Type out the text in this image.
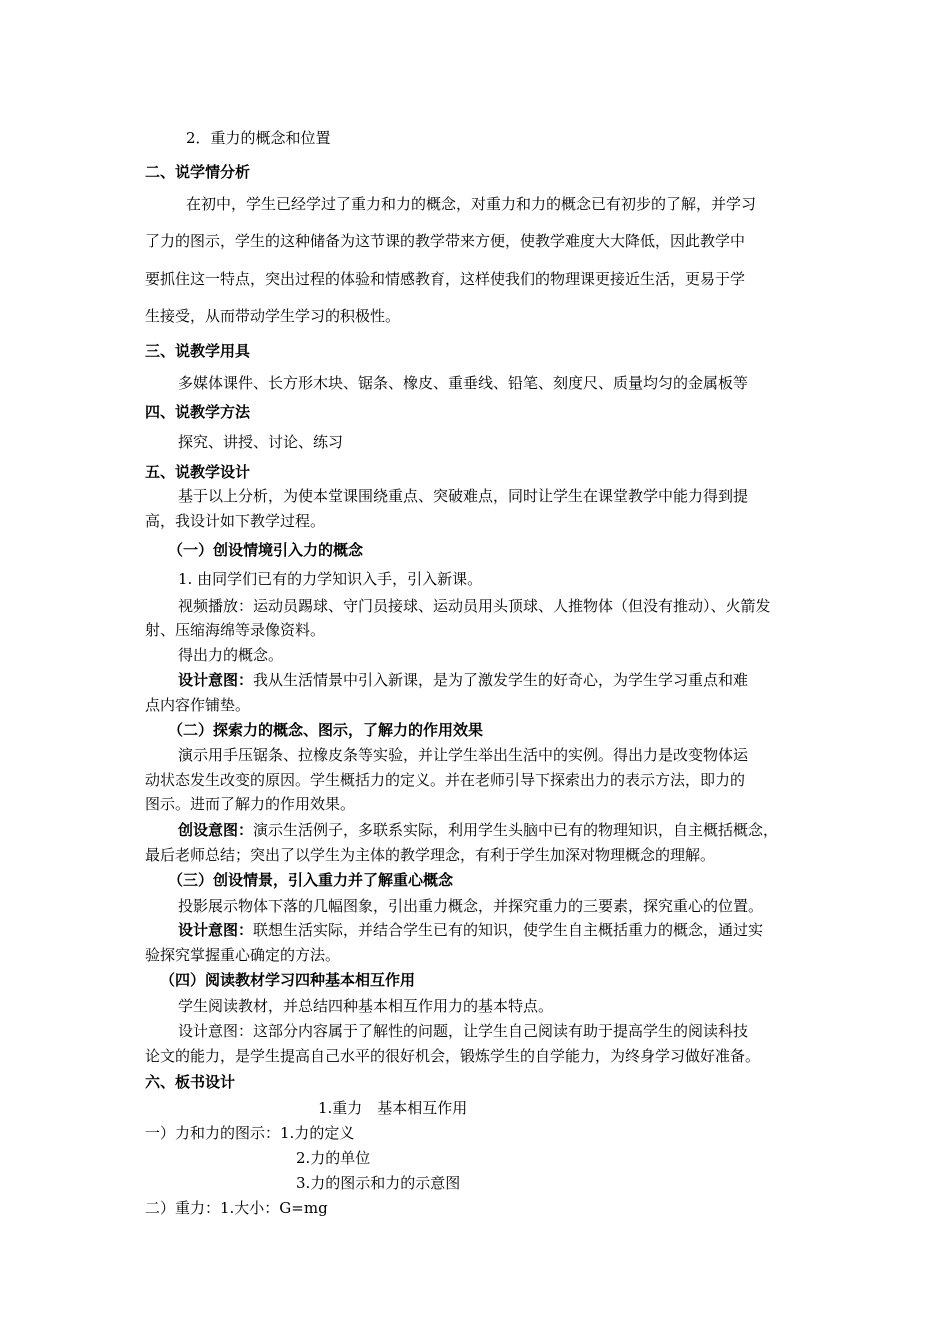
2．重力的概念和位置
二、说学情分析
在初中，学生已经学过了重力和力的概念，对重力和力的概念已有初步的了解，并学习
了力的图示，学生的这种储备为这节课的教学带来方便，使教学难度大大降低，因此教学中
要抓住这一特点，突出过程的体验和情感教育，这样使我们的物理课更接近生活，更易于学
生接受，从而带动学生学习的积极性。
三、说教学用具
多媒体课件、长方形木块、锯条、橡皮、重垂线、铅笔、刻度尺、质量均匀的金属板等
四、说教学方法
探究、讲授、讨论、练习
五、说教学设计
基于以上分析，为使本堂课围绕重点、突破难点，同时让学生在课堂教学中能力得到提
高，我设计如下教学过程。
（一）创设情境引入力的概念
1. 由同学们已有的力学知识入手，引入新课。
视频播放：运动员踢球、守门员接球、运动员用头顶球、人推物体（但没有推动）、火箭发
射、压缩海绵等录像资料。
得出力的概念。
设计意图：我从生活情景中引入新课，是为了激发学生的好奇心，为学生学习重点和难
点内容作铺垫。
（二）探索力的概念、图示，了解力的作用效果
演示用手压锯条、拉橡皮条等实验，并让学生举出生活中的实例。得出力是改变物体运
动状态发生改变的原因。学生概括力的定义。并在老师引导下探索出力的表示方法，即力的
图示。进而了解力的作用效果。
创设意图：演示生活例子，多联系实际，利用学生头脑中已有的物理知识，自主概括概念，
最后老师总结；突出了以学生为主体的教学理念，有利于学生加深对物理概念的理解。
（三）创设情景，引入重力并了解重心概念
投影展示物体下落的几幅图象，引出重力概念，并探究重力的三要素，探究重心的位置。
设计意图：联想生活实际，并结合学生已有的知识，使学生自主概括重力的概念，通过实
验探究掌握重心确定的方法。
（四）阅读教材学习四种基本相互作用
学生阅读教材，并总结四种基本相互作用力的基本特点。
设计意图：这部分内容属于了解性的问题，让学生自己阅读有助于提高学生的阅读科技
论文的能力，是学生提高自己水平的很好机会，锻炼学生的自学能力，为终身学习做好准备。
六、板书设计
1.重力　基本相互作用
一）力和力的图示：1.力的定义
2.力的单位
3.力的图示和力的示意图
二）重力：1.大小：G=mg
